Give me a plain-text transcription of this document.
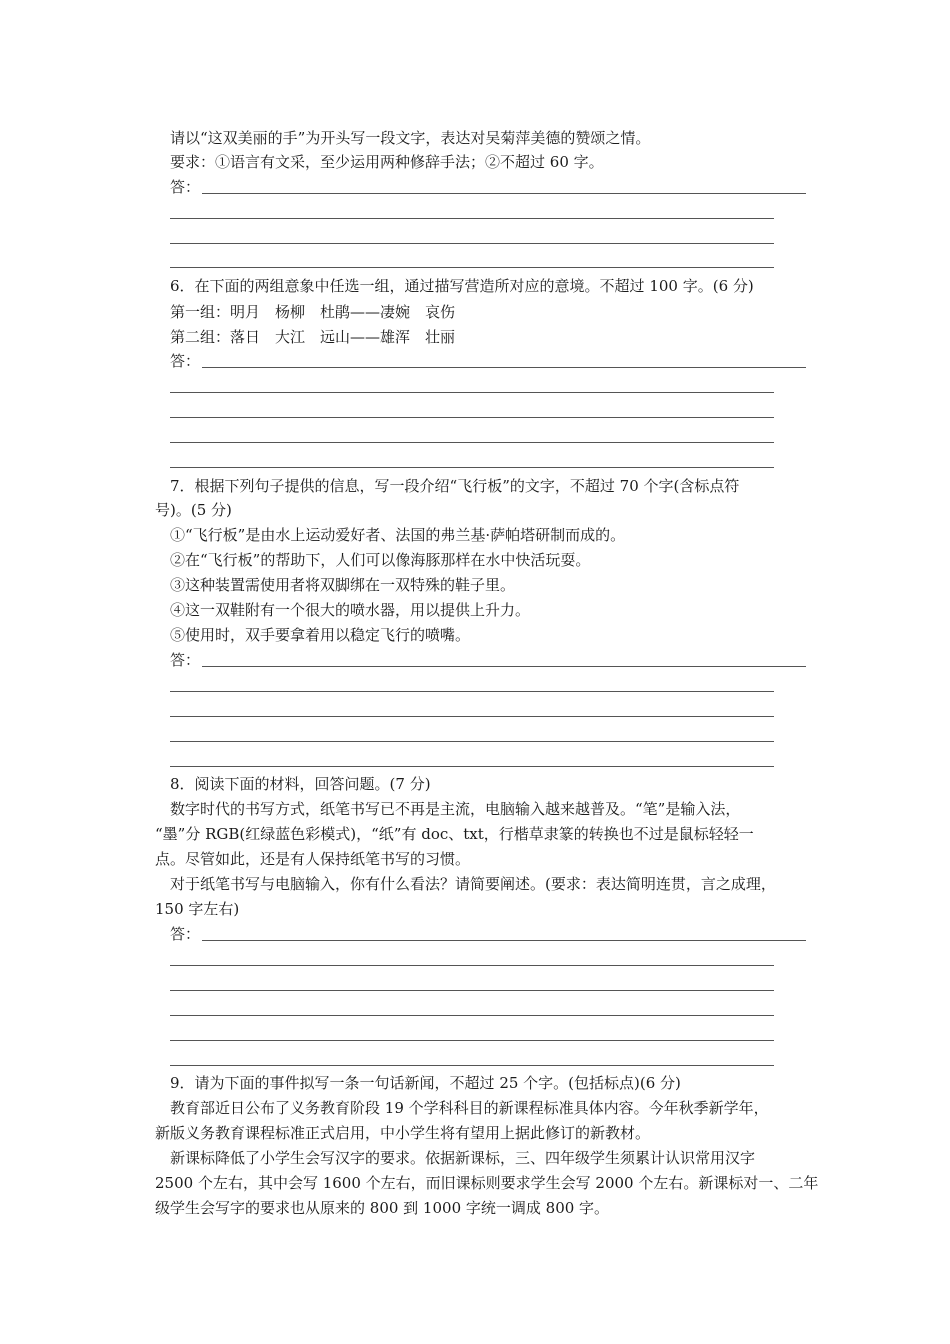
请以“这双美丽的手”为开头写一段文字，表达对吴菊萍美德的赞颂之情。
要求：①语言有文采，至少运用两种修辞手法；②不超过 60 字。
答：
6．在下面的两组意象中任选一组，通过描写营造所对应的意境。不超过 100 字。(6 分)
第一组：明月　杨柳　杜鹃——凄婉　哀伤
第二组：落日　大江　远山——雄浑　壮丽
答：
7．根据下列句子提供的信息，写一段介绍“飞行板”的文字，不超过 70 个字(含标点符
号)。(5 分)
①“飞行板”是由水上运动爱好者、法国的弗兰基·萨帕塔研制而成的。
②在“飞行板”的帮助下，人们可以像海豚那样在水中快活玩耍。
③这种装置需使用者将双脚绑在一双特殊的鞋子里。
④这一双鞋附有一个很大的喷水器，用以提供上升力。
⑤使用时，双手要拿着用以稳定飞行的喷嘴。
答：
8．阅读下面的材料，回答问题。(7 分)
数字时代的书写方式，纸笔书写已不再是主流，电脑输入越来越普及。“笔”是输入法，
“墨”分 RGB(红绿蓝色彩模式)，“纸”有 doc、txt，行楷草隶篆的转换也不过是鼠标轻轻一
点。尽管如此，还是有人保持纸笔书写的习惯。
对于纸笔书写与电脑输入，你有什么看法？请简要阐述。(要求：表达简明连贯，言之成理，
150 字左右)
答：
9．请为下面的事件拟写一条一句话新闻，不超过 25 个字。(包括标点)(6 分)
教育部近日公布了义务教育阶段 19 个学科科目的新课程标准具体内容。今年秋季新学年，
新版义务教育课程标准正式启用，中小学生将有望用上据此修订的新教材。
新课标降低了小学生会写汉字的要求。依据新课标，三、四年级学生须累计认识常用汉字
2500 个左右，其中会写 1600 个左右，而旧课标则要求学生会写 2000 个左右。新课标对一、二年
级学生会写字的要求也从原来的 800 到 1000 字统一调成 800 字。
